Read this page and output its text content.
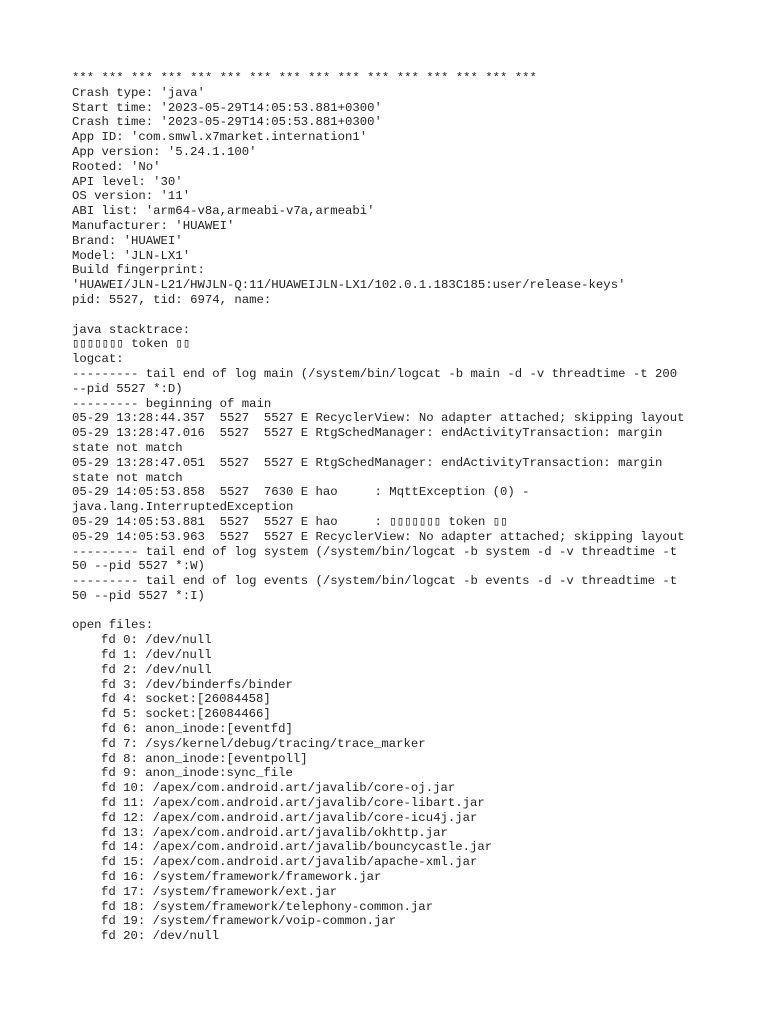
*** *** *** *** *** *** *** *** *** *** *** *** *** *** *** ***
Crash type: 'java'
Start time: '2023-05-29T14:05:53.881+0300'
Crash time: '2023-05-29T14:05:53.881+0300'
App ID: 'com.smwl.x7market.internation1'
App version: '5.24.1.100'
Rooted: 'No'
API level: '30'
OS version: '11'
ABI list: 'arm64-v8a,armeabi-v7a,armeabi'
Manufacturer: 'HUAWEI'
Brand: 'HUAWEI'
Model: 'JLN-LX1'
Build fingerprint:
'HUAWEI/JLN-L21/HWJLN-Q:11/HUAWEIJLN-LX1/102.0.1.183C185:user/release-keys'
pid: 5527, tid: 6974, name:
java stacktrace:
▯▯▯▯▯▯▯ token ▯▯
logcat:
--------- tail end of log main (/system/bin/logcat -b main -d -v threadtime -t 200
--pid 5527 *:D)
--------- beginning of main
05-29 13:28:44.357  5527  5527 E RecyclerView: No adapter attached; skipping layout
05-29 13:28:47.016  5527  5527 E RtgSchedManager: endActivityTransaction: margin
state not match
05-29 13:28:47.051  5527  5527 E RtgSchedManager: endActivityTransaction: margin
state not match
05-29 14:05:53.858  5527  7630 E hao     : MqttException (0) -
java.lang.InterruptedException
05-29 14:05:53.881  5527  5527 E hao     : ▯▯▯▯▯▯▯ token ▯▯
05-29 14:05:53.963  5527  5527 E RecyclerView: No adapter attached; skipping layout
--------- tail end of log system (/system/bin/logcat -b system -d -v threadtime -t
50 --pid 5527 *:W)
--------- tail end of log events (/system/bin/logcat -b events -d -v threadtime -t
50 --pid 5527 *:I)
open files:
fd 0: /dev/null
fd 1: /dev/null
fd 2: /dev/null
fd 3: /dev/binderfs/binder
fd 4: socket:[26084458]
fd 5: socket:[26084466]
fd 6: anon_inode:[eventfd]
fd 7: /sys/kernel/debug/tracing/trace_marker
fd 8: anon_inode:[eventpoll]
fd 9: anon_inode:sync_file
fd 10: /apex/com.android.art/javalib/core-oj.jar
fd 11: /apex/com.android.art/javalib/core-libart.jar
fd 12: /apex/com.android.art/javalib/core-icu4j.jar
fd 13: /apex/com.android.art/javalib/okhttp.jar
fd 14: /apex/com.android.art/javalib/bouncycastle.jar
fd 15: /apex/com.android.art/javalib/apache-xml.jar
fd 16: /system/framework/framework.jar
fd 17: /system/framework/ext.jar
fd 18: /system/framework/telephony-common.jar
fd 19: /system/framework/voip-common.jar
fd 20: /dev/null
